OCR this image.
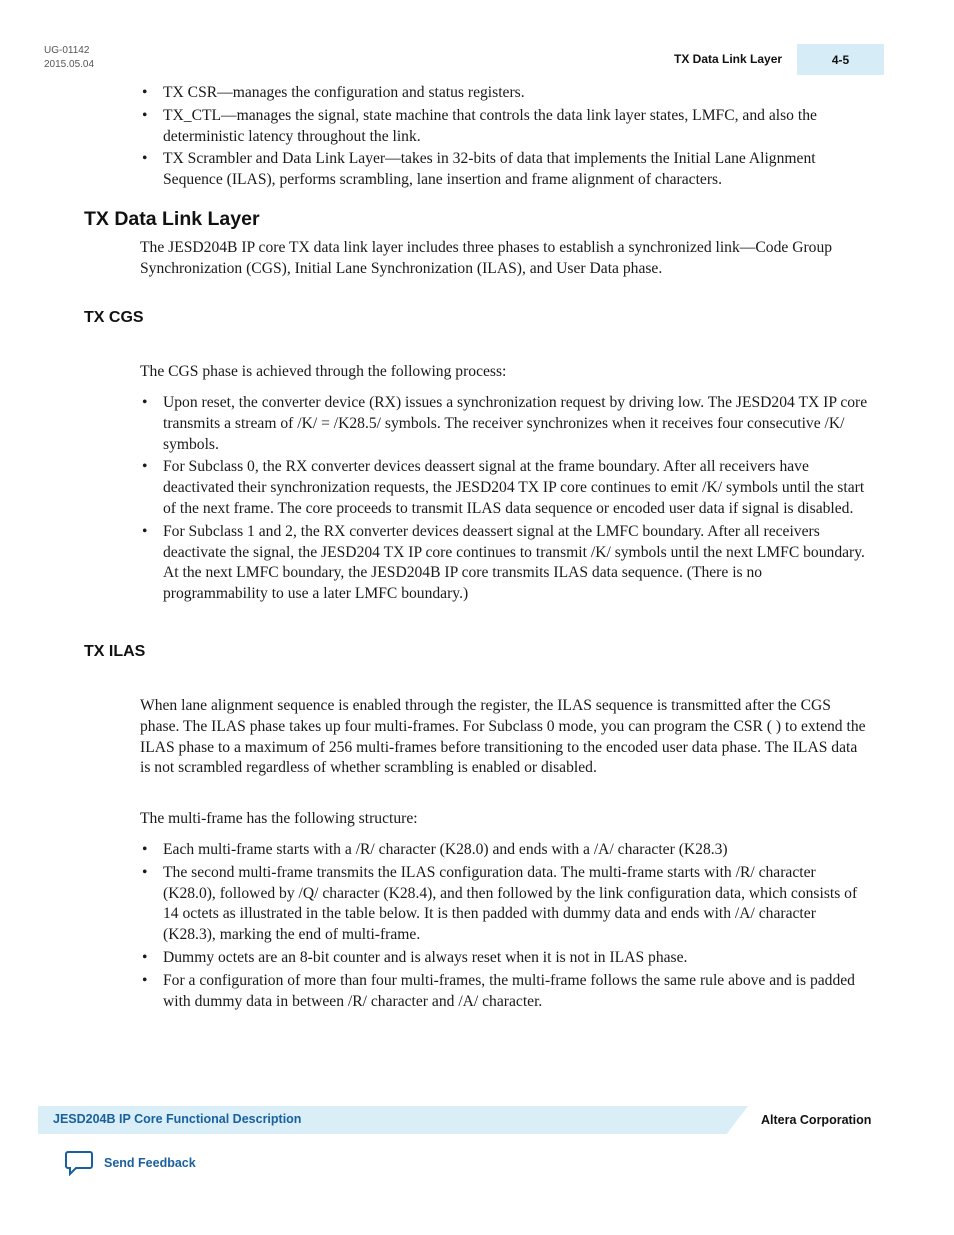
UG-01142
2015.05.04	TX Data Link Layer	4-5
• TX CSR—manages the configuration and status registers.
• TX_CTL—manages the signal, state machine that controls the data link layer states, LMFC, and also the deterministic latency throughout the link.
• TX Scrambler and Data Link Layer—takes in 32-bits of data that implements the Initial Lane Alignment Sequence (ILAS), performs scrambling, lane insertion and frame alignment of characters.
TX Data Link Layer
The JESD204B IP core TX data link layer includes three phases to establish a synchronized link—Code Group Synchronization (CGS), Initial Lane Synchronization (ILAS), and User Data phase.
TX CGS
The CGS phase is achieved through the following process:
• Upon reset, the converter device (RX) issues a synchronization request by driving low. The JESD204 TX IP core transmits a stream of /K/ = /K28.5/ symbols. The receiver synchronizes when it receives four consecutive /K/ symbols.
• For Subclass 0, the RX converter devices deassert signal at the frame boundary. After all receivers have deactivated their synchronization requests, the JESD204 TX IP core continues to emit /K/ symbols until the start of the next frame. The core proceeds to transmit ILAS data sequence or encoded user data if signal is disabled.
• For Subclass 1 and 2, the RX converter devices deassert signal at the LMFC boundary. After all receivers deactivate the signal, the JESD204 TX IP core continues to transmit /K/ symbols until the next LMFC boundary. At the next LMFC boundary, the JESD204B IP core transmits ILAS data sequence. (There is no programmability to use a later LMFC boundary.)
TX ILAS
When lane alignment sequence is enabled through the register, the ILAS sequence is transmitted after the CGS phase. The ILAS phase takes up four multi-frames. For Subclass 0 mode, you can program the CSR ( ) to extend the ILAS phase to a maximum of 256 multi-frames before transitioning to the encoded user data phase. The ILAS data is not scrambled regardless of whether scrambling is enabled or disabled.
The multi-frame has the following structure:
• Each multi-frame starts with a /R/ character (K28.0) and ends with a /A/ character (K28.3)
• The second multi-frame transmits the ILAS configuration data. The multi-frame starts with /R/ character (K28.0), followed by /Q/ character (K28.4), and then followed by the link configuration data, which consists of 14 octets as illustrated in the table below. It is then padded with dummy data and ends with /A/ character (K28.3), marking the end of multi-frame.
• Dummy octets are an 8-bit counter and is always reset when it is not in ILAS phase.
• For a configuration of more than four multi-frames, the multi-frame follows the same rule above and is padded with dummy data in between /R/ character and /A/ character.
JESD204B IP Core Functional Description	Altera Corporation
Send Feedback
